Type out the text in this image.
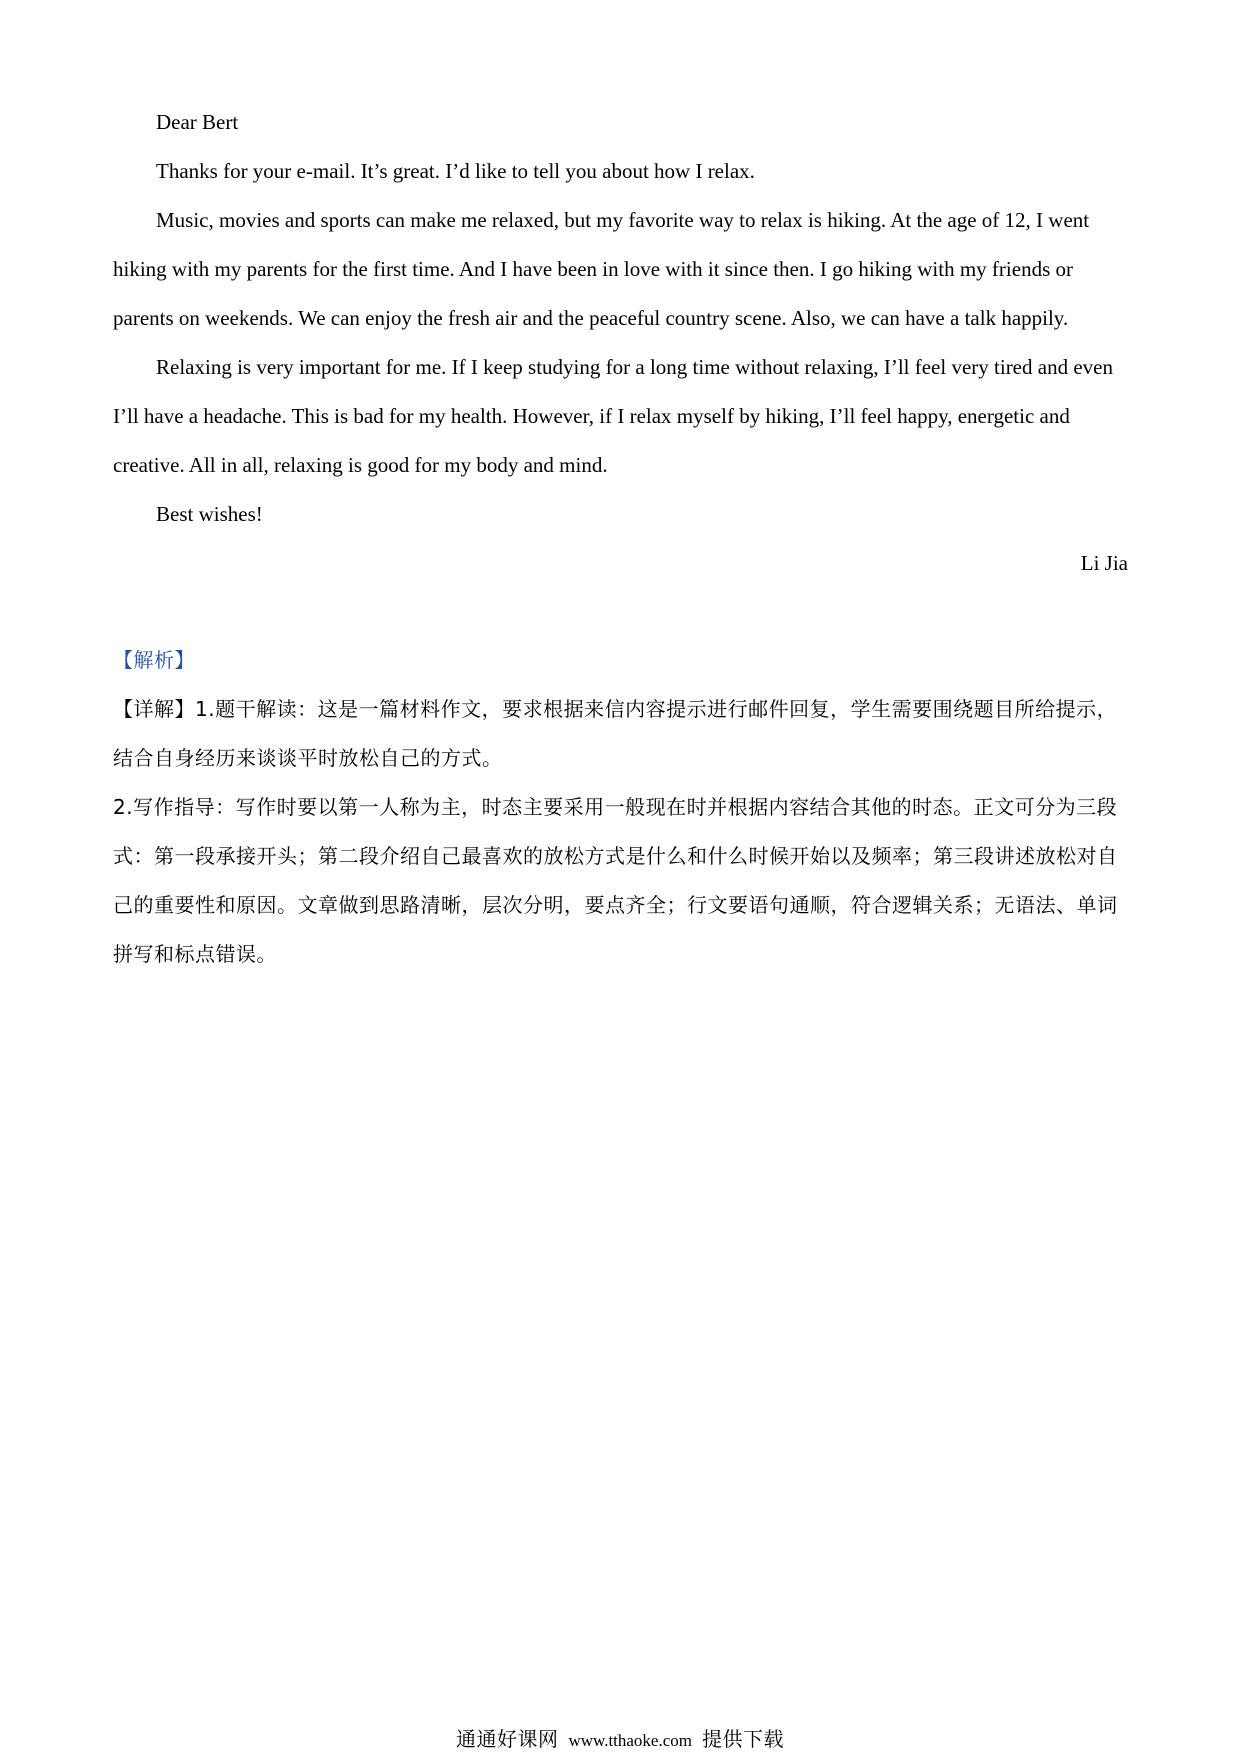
Dear Bert

Thanks for your e-mail. It’s great. I’d like to tell you about how I relax.

Music, movies and sports can make me relaxed, but my favorite way to relax is hiking. At the age of 12, I went hiking with my parents for the first time. And I have been in love with it since then. I go hiking with my friends or parents on weekends. We can enjoy the fresh air and the peaceful country scene. Also, we can have a talk happily.

Relaxing is very important for me. If I keep studying for a long time without relaxing, I’ll feel very tired and even I’ll have a headache. This is bad for my health. However, if I relax myself by hiking, I’ll feel happy, energetic and creative. All in all, relaxing is good for my body and mind.

Best wishes!

Li Jia

【解析】

【详解】1.题干解读：这是一篇材料作文，要求根据来信内容提示进行邮件回复，学生需要围绕题目所给提示，结合自身经历来谈谈平时放松自己的方式。

2.写作指导：写作时要以第一人称为主，时态主要采用一般现在时并根据内容结合其他的时态。正文可分为三段式：第一段承接开头；第二段介绍自己最喜欢的放松方式是什么和什么时候开始以及频率；第三段讲述放松对自己的重要性和原因。文章做到思路清晰，层次分明，要点齐全；行文要语句通顺，符合逻辑关系；无语法、单词拼写和标点错误。

通通好课网 www.tthaoke.com 提供下载
